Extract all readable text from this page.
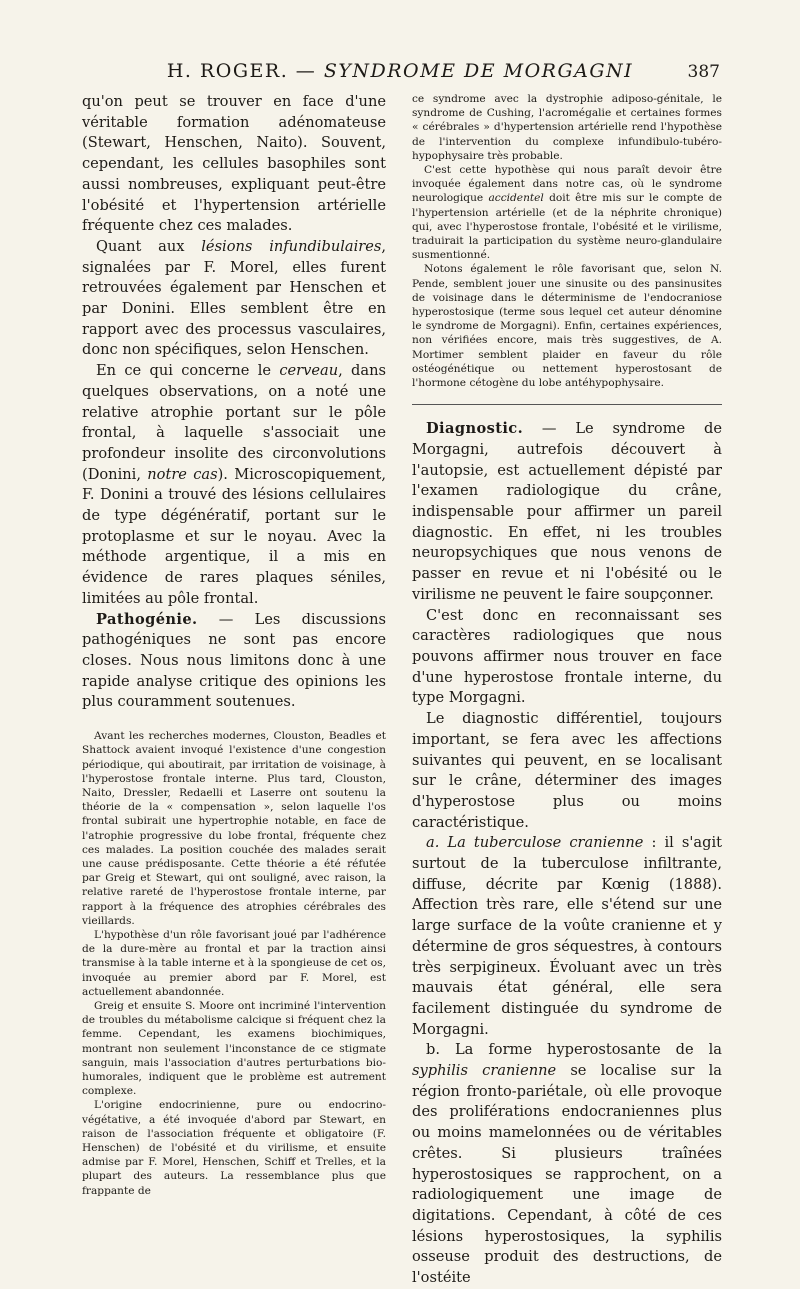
H. ROGER. — SYNDROME DE MORGAGNI	387

qu'on peut se trouver en face d'une véritable formation adénomateuse (Stewart, Henschen, Naito). Souvent, cependant, les cellules basophiles sont aussi nombreuses, expliquant peut-être l'obésité et l'hypertension artérielle fréquente chez ces malades.

Quant aux lésions infundibulaires, signalées par F. Morel, elles furent retrouvées également par Henschen et par Donini. Elles semblent être en rapport avec des processus vasculaires, donc non spécifiques, selon Henschen.

En ce qui concerne le cerveau, dans quelques observations, on a noté une relative atrophie portant sur le pôle frontal, à laquelle s'associait une profondeur insolite des circonvolutions (Donini, notre cas). Microscopiquement, F. Donini a trouvé des lésions cellulaires de type dégénératif, portant sur le protoplasme et sur le noyau. Avec la méthode argentique, il a mis en évidence de rares plaques séniles, limitées au pôle frontal.

Pathogénie. — Les discussions pathogéniques ne sont pas encore closes. Nous nous limitons donc à une rapide analyse critique des opinions les plus couramment soutenues.

Avant les recherches modernes, Clouston, Beadles et Shattock avaient invoqué l'existence d'une congestion périodique, qui aboutirait, par irritation de voisinage, à l'hyperostose frontale interne. Plus tard, Clouston, Naito, Dressler, Redaelli et Laserre ont soutenu la théorie de la « compensation », selon laquelle l'os frontal subirait une hypertrophie notable, en face de l'atrophie progressive du lobe frontal, fréquente chez ces malades. La position couchée des malades serait une cause prédisposante. Cette théorie a été réfutée par Greig et Stewart, qui ont souligné, avec raison, la relative rareté de l'hyperostose frontale interne, par rapport à la fréquence des atrophies cérébrales des vieillards.

L'hypothèse d'un rôle favorisant joué par l'adhérence de la dure-mère au frontal et par la traction ainsi transmise à la table interne et à la spongieuse de cet os, invoquée au premier abord par F. Morel, est actuellement abandonnée.

Greig et ensuite S. Moore ont incriminé l'intervention de troubles du métabolisme calcique si fréquent chez la femme. Cependant, les examens biochimiques, montrant non seulement l'inconstance de ce stigmate sanguin, mais l'association d'autres perturbations bio-humorales, indiquent que le problème est autrement complexe.

L'origine endocrinienne, pure ou endocrino-végétative, a été invoquée d'abord par Stewart, en raison de l'association fréquente et obligatoire (F. Henschen) de l'obésité et du virilisme, et ensuite admise par F. Morel, Henschen, Schiff et Trelles, et la plupart des auteurs. La ressemblance plus que frappante de

ce syndrome avec la dystrophie adiposo-génitale, le syndrome de Cushing, l'acromégalie et certaines formes « cérébrales » d'hypertension artérielle rend l'hypothèse de l'intervention du complexe infundibulo-tubéro-hypophysaire très probable.

C'est cette hypothèse qui nous paraît devoir être invoquée également dans notre cas, où le syndrome neurologique accidentel doit être mis sur le compte de l'hypertension artérielle (et de la néphrite chronique) qui, avec l'hyperostose frontale, l'obésité et le virilisme, traduirait la participation du système neuro-glandulaire susmentionné.

Notons également le rôle favorisant que, selon N. Pende, semblent jouer une sinusite ou des pansinusites de voisinage dans le déterminisme de l'endocraniose hyperostosique (terme sous lequel cet auteur dénomine le syndrome de Morgagni). Enfin, certaines expériences, non vérifiées encore, mais très suggestives, de A. Mortimer semblent plaider en faveur du rôle ostéogénétique ou nettement hyperostosant de l'hormone cétogène du lobe antéhypophysaire.

Diagnostic. — Le syndrome de Morgagni, autrefois découvert à l'autopsie, est actuellement dépisté par l'examen radiologique du crâne, indispensable pour affirmer un pareil diagnostic. En effet, ni les troubles neuropsychiques que nous venons de passer en revue et ni l'obésité ou le virilisme ne peuvent le faire soupçonner.

C'est donc en reconnaissant ses caractères radiologiques que nous pouvons affirmer nous trouver en face d'une hyperostose frontale interne, du type Morgagni.

Le diagnostic différentiel, toujours important, se fera avec les affections suivantes qui peuvent, en se localisant sur le crâne, déterminer des images d'hyperostose plus ou moins caractéristique.

a. La tuberculose cranienne : il s'agit surtout de la tuberculose infiltrante, diffuse, décrite par Kœnig (1888). Affection très rare, elle s'étend sur une large surface de la voûte cranienne et y détermine de gros séquestres, à contours très serpigineux. Évoluant avec un très mauvais état général, elle sera facilement distinguée du syndrome de Morgagni.

b. La forme hyperostosante de la syphilis cranienne se localise sur la région fronto-pariétale, où elle provoque des proliférations endocraniennes plus ou moins mamelonnées ou de véritables crêtes. Si plusieurs traînées hyperostosiques se rapprochent, on a radiologiquement une image de digitations. Cependant, à côté de ces lésions hyperostosiques, la syphilis osseuse produit des destructions, de l'ostéite
